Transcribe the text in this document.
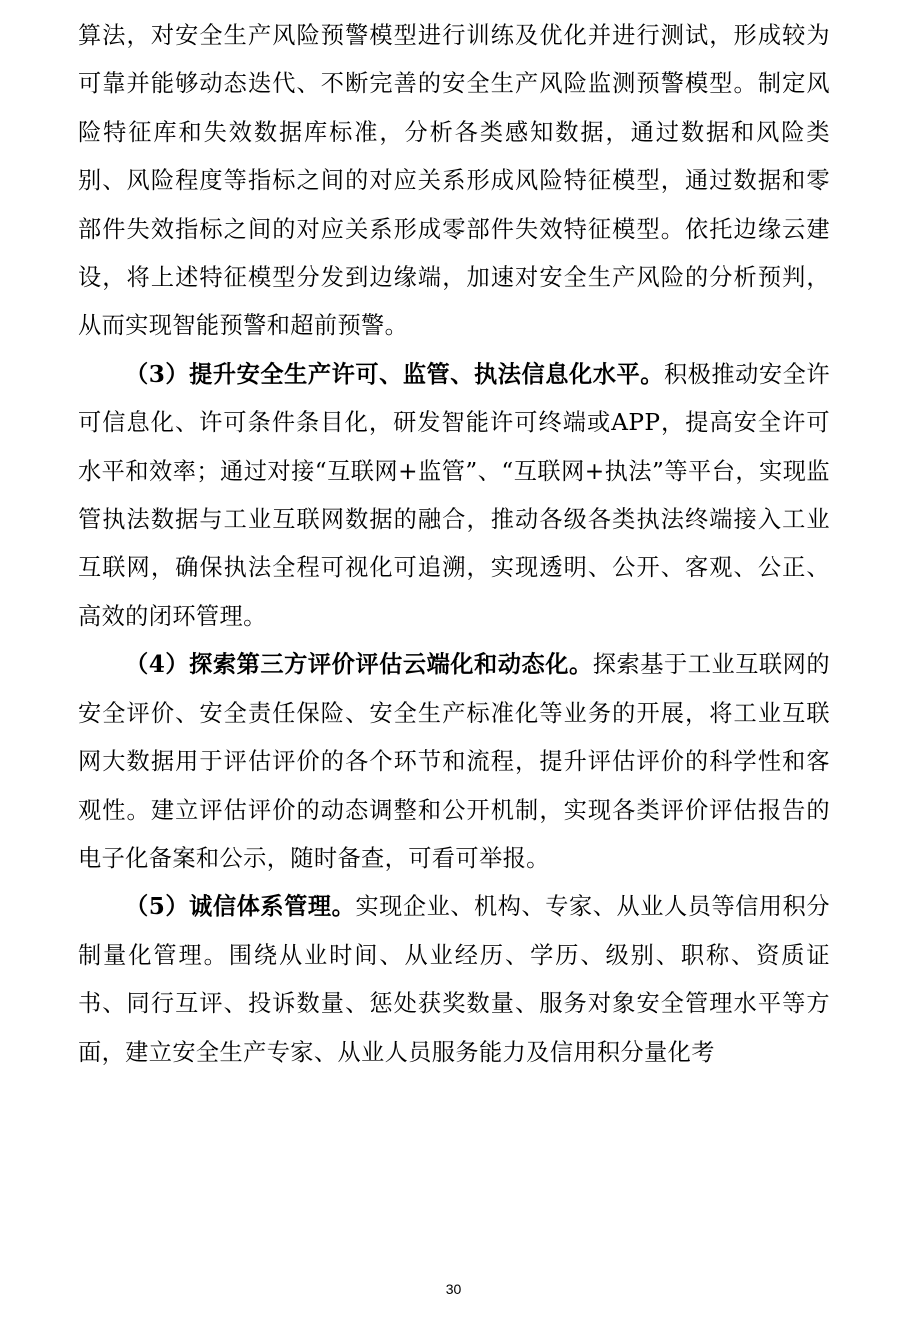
算法，对安全生产风险预警模型进行训练及优化并进行测试，形成较为可靠并能够动态迭代、不断完善的安全生产风险监测预警模型。制定风险特征库和失效数据库标准，分析各类感知数据，通过数据和风险类别、风险程度等指标之间的对应关系形成风险特征模型，通过数据和零部件失效指标之间的对应关系形成零部件失效特征模型。依托边缘云建设，将上述特征模型分发到边缘端，加速对安全生产风险的分析预判，从而实现智能预警和超前预警。

（3）提升安全生产许可、监管、执法信息化水平。积极推动安全许可信息化、许可条件条目化，研发智能许可终端或APP，提高安全许可水平和效率；通过对接“互联网+监管”、“互联网+执法”等平台，实现监管执法数据与工业互联网数据的融合，推动各级各类执法终端接入工业互联网，确保执法全程可视化可追溯，实现透明、公开、客观、公正、高效的闭环管理。

（4）探索第三方评价评估云端化和动态化。探索基于工业互联网的安全评价、安全责任保险、安全生产标准化等业务的开展，将工业互联网大数据用于评估评价的各个环节和流程，提升评估评价的科学性和客观性。建立评估评价的动态调整和公开机制，实现各类评价评估报告的电子化备案和公示，随时备查，可看可举报。

（5）诚信体系管理。实现企业、机构、专家、从业人员等信用积分制量化管理。围绕从业时间、从业经历、学历、级别、职称、资质证书、同行互评、投诉数量、惩处获奖数量、服务对象安全管理水平等方面，建立安全生产专家、从业人员服务能力及信用积分量化考

30
